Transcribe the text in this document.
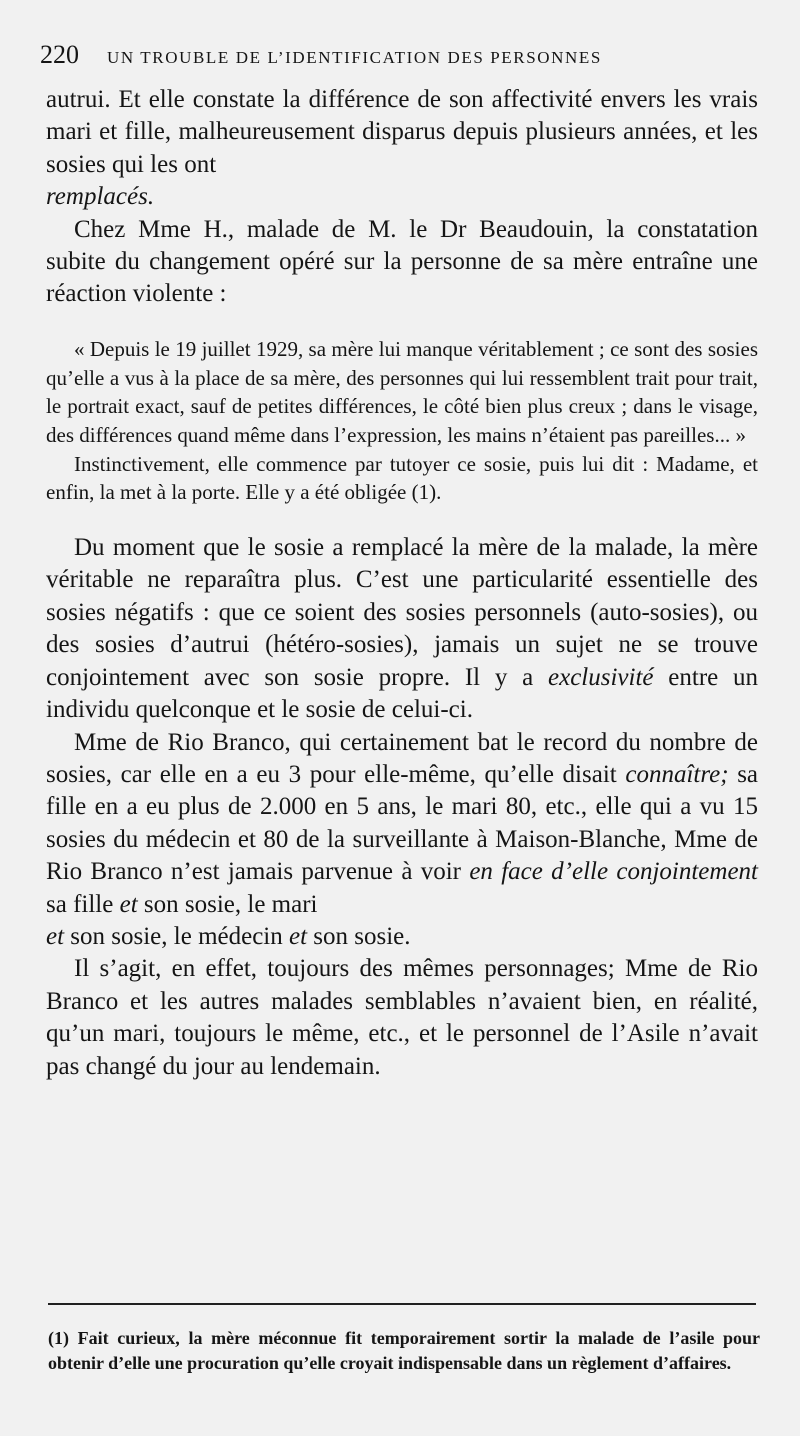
220 UN TROUBLE DE L’IDENTIFICATION DES PERSONNES

autrui. Et elle constate la différence de son affectivité envers les vrais mari et fille, malheureusement disparus depuis plusieurs années, et les sosies qui les ont
remplacés.

Chez Mme H., malade de M. le Dr Beaudouin, la constatation subite du changement opéré sur la personne de sa mère entraîne une réaction violente :

« Depuis le 19 juillet 1929, sa mère lui manque véritablement ; ce sont des sosies qu’elle a vus à la place de sa mère, des personnes qui lui ressemblent trait pour trait, le portrait exact, sauf de petites différences, le côté bien plus creux ; dans le visage, des différences quand même dans l’expression, les mains n’étaient pas pareilles... »

Instinctivement, elle commence par tutoyer ce sosie, puis lui dit : Madame, et enfin, la met à la porte. Elle y a été obligée (1).

Du moment que le sosie a remplacé la mère de la malade, la mère véritable ne reparaîtra plus. C’est une particularité essentielle des sosies négatifs : que ce soient des sosies personnels (auto-sosies), ou des sosies d’autrui (hétéro-sosies), jamais un sujet ne se trouve conjointement avec son sosie propre. Il y a exclusivité entre un individu quelconque et le sosie de celui-ci.

Mme de Rio Branco, qui certainement bat le record du nombre de sosies, car elle en a eu 3 pour elle-même, qu’elle disait connaître; sa fille en a eu plus de 2.000 en 5 ans, le mari 80, etc., elle qui a vu 15 sosies du médecin et 80 de la surveillante à Maison-Blanche, Mme de Rio Branco n’est jamais parvenue à voir en face d’elle conjointement sa fille et son sosie, le mari
et son sosie, le médecin et son sosie.

Il s’agit, en effet, toujours des mêmes personnages; Mme de Rio Branco et les autres malades semblables n’avaient bien, en réalité, qu’un mari, toujours le même, etc., et le personnel de l’Asile n’avait pas changé du jour au lendemain.

(1) Fait curieux, la mère méconnue fit temporairement sortir la malade de l’asile pour obtenir d’elle une procuration qu’elle croyait indispensable dans un règlement d’affaires.
